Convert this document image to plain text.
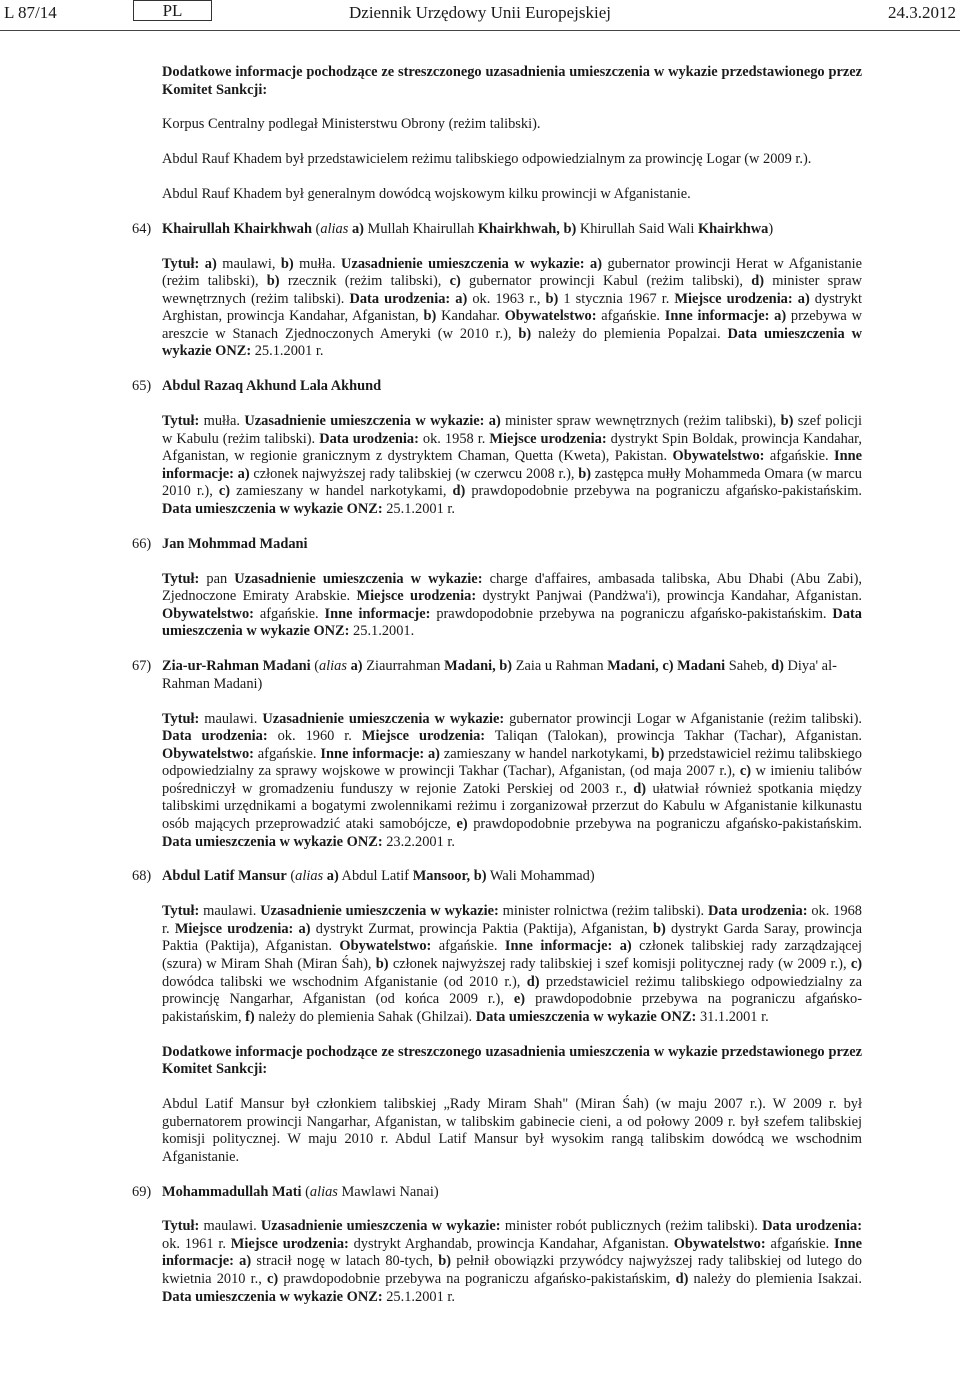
L 87/14	PL	Dziennik Urzędowy Unii Europejskiej	24.3.2012
Dodatkowe informacje pochodzące ze streszczonego uzasadnienia umieszczenia w wykazie przedstawionego przez Komitet Sankcji:
Korpus Centralny podlegał Ministerstwu Obrony (reżim talibski).
Abdul Rauf Khadem był przedstawicielem reżimu talibskiego odpowiedzialnym za prowincję Logar (w 2009 r.).
Abdul Rauf Khadem był generalnym dowódcą wojskowym kilku prowincji w Afganistanie.
64) Khairullah Khairkhwah (alias a) Mullah Khairullah Khairkhwah, b) Khirullah Said Wali Khairkhwa)
Tytuł: a) maulawi, b) mułła. Uzasadnienie umieszczenia w wykazie: a) gubernator prowincji Herat w Afganistanie (reżim talibski), b) rzecznik (reżim talibski), c) gubernator prowincji Kabul (reżim talibski), d) minister spraw wewnętrznych (reżim talibski). Data urodzenia: a) ok. 1963 r., b) 1 stycznia 1967 r. Miejsce urodzenia: a) dystrykt Arghistan, prowincja Kandahar, Afganistan, b) Kandahar. Obywatelstwo: afgańskie. Inne informacje: a) przebywa w areszcie w Stanach Zjednoczonych Ameryki (w 2010 r.), b) należy do plemienia Popalzai. Data umieszczenia w wykazie ONZ: 25.1.2001 r.
65) Abdul Razaq Akhund Lala Akhund
Tytuł: mułła. Uzasadnienie umieszczenia w wykazie: a) minister spraw wewnętrznych (reżim talibski), b) szef policji w Kabulu (reżim talibski). Data urodzenia: ok. 1958 r. Miejsce urodzenia: dystrykt Spin Boldak, prowincja Kandahar, Afganistan, w regionie granicznym z dystryktem Chaman, Quetta (Kweta), Pakistan. Obywatelstwo: afgańskie. Inne informacje: a) członek najwyższej rady talibskiej (w czerwcu 2008 r.), b) zastępca mułły Mohammeda Omara (w marcu 2010 r.), c) zamieszany w handel narkotykami, d) prawdopodobnie przebywa na pograniczu afgańsko-pakistańskim. Data umieszczenia w wykazie ONZ: 25.1.2001 r.
66) Jan Mohmmad Madani
Tytuł: pan Uzasadnienie umieszczenia w wykazie: charge d'affaires, ambasada talibska, Abu Dhabi (Abu Zabi), Zjednoczone Emiraty Arabskie. Miejsce urodzenia: dystrykt Panjwai (Pandżwa'i), prowincja Kandahar, Afganistan. Obywatelstwo: afgańskie. Inne informacje: prawdopodobnie przebywa na pograniczu afgańsko-pakistańskim. Data umieszczenia w wykazie ONZ: 25.1.2001.
67) Zia-ur-Rahman Madani (alias a) Ziaurrahman Madani, b) Zaia u Rahman Madani, c) Madani Saheb, d) Diya' al-Rahman Madani)
Tytuł: maulawi. Uzasadnienie umieszczenia w wykazie: gubernator prowincji Logar w Afganistanie (reżim talibski). Data urodzenia: ok. 1960 r. Miejsce urodzenia: Taliqan (Talokan), prowincja Takhar (Tachar), Afganistan. Obywatelstwo: afgańskie. Inne informacje: a) zamieszany w handel narkotykami, b) przedstawiciel reżimu talibskiego odpowiedzialny za sprawy wojskowe w prowincji Takhar (Tachar), Afganistan, (od maja 2007 r.), c) w imieniu talibów pośredniczył w gromadzeniu funduszy w rejonie Zatoki Perskiej od 2003 r., d) ułatwiał również spotkania między talibskimi urzędnikami a bogatymi zwolennikami reżimu i zorganizował przerzut do Kabulu w Afganistanie kilkunastu osób mających przeprowadzić ataki samobójcze, e) prawdopodobnie przebywa na pograniczu afgańsko-pakistańskim. Data umieszczenia w wykazie ONZ: 23.2.2001 r.
68) Abdul Latif Mansur (alias a) Abdul Latif Mansoor, b) Wali Mohammad)
Tytuł: maulawi. Uzasadnienie umieszczenia w wykazie: minister rolnictwa (reżim talibski). Data urodzenia: ok. 1968 r. Miejsce urodzenia: a) dystrykt Zurmat, prowincja Paktia (Paktija), Afganistan, b) dystrykt Garda Saray, prowincja Paktia (Paktija), Afganistan. Obywatelstwo: afgańskie. Inne informacje: a) członek talibskiej rady zarządzającej (szura) w Miram Shah (Miran Śah), b) członek najwyższej rady talibskiej i szef komisji politycznej rady (w 2009 r.), c) dowódca talibski we wschodnim Afganistanie (od 2010 r.), d) przedstawiciel reżimu talibskiego odpowiedzialny za prowincję Nangarhar, Afganistan (od końca 2009 r.), e) prawdopodobnie przebywa na pograniczu afgańsko-pakistańskim, f) należy do plemienia Sahak (Ghilzai). Data umieszczenia w wykazie ONZ: 31.1.2001 r.
Dodatkowe informacje pochodzące ze streszczonego uzasadnienia umieszczenia w wykazie przedstawionego przez Komitet Sankcji:
Abdul Latif Mansur był członkiem talibskiej „Rady Miram Shah" (Miran Śah) (w maju 2007 r.). W 2009 r. był gubernatorem prowincji Nangarhar, Afganistan, w talibskim gabinecie cieni, a od połowy 2009 r. był szefem talibskiej komisji politycznej. W maju 2010 r. Abdul Latif Mansur był wysokim rangą talibskim dowódcą we wschodnim Afganistanie.
69) Mohammadullah Mati (alias Mawlawi Nanai)
Tytuł: maulawi. Uzasadnienie umieszczenia w wykazie: minister robót publicznych (reżim talibski). Data urodzenia: ok. 1961 r. Miejsce urodzenia: dystrykt Arghandab, prowincja Kandahar, Afganistan. Obywatelstwo: afgańskie. Inne informacje: a) stracił nogę w latach 80-tych, b) pełnił obowiązki przywódcy najwyższej rady talibskiej od lutego do kwietnia 2010 r., c) prawdopodobnie przebywa na pograniczu afgańsko-pakistańskim, d) należy do plemienia Isakzai. Data umieszczenia w wykazie ONZ: 25.1.2001 r.
